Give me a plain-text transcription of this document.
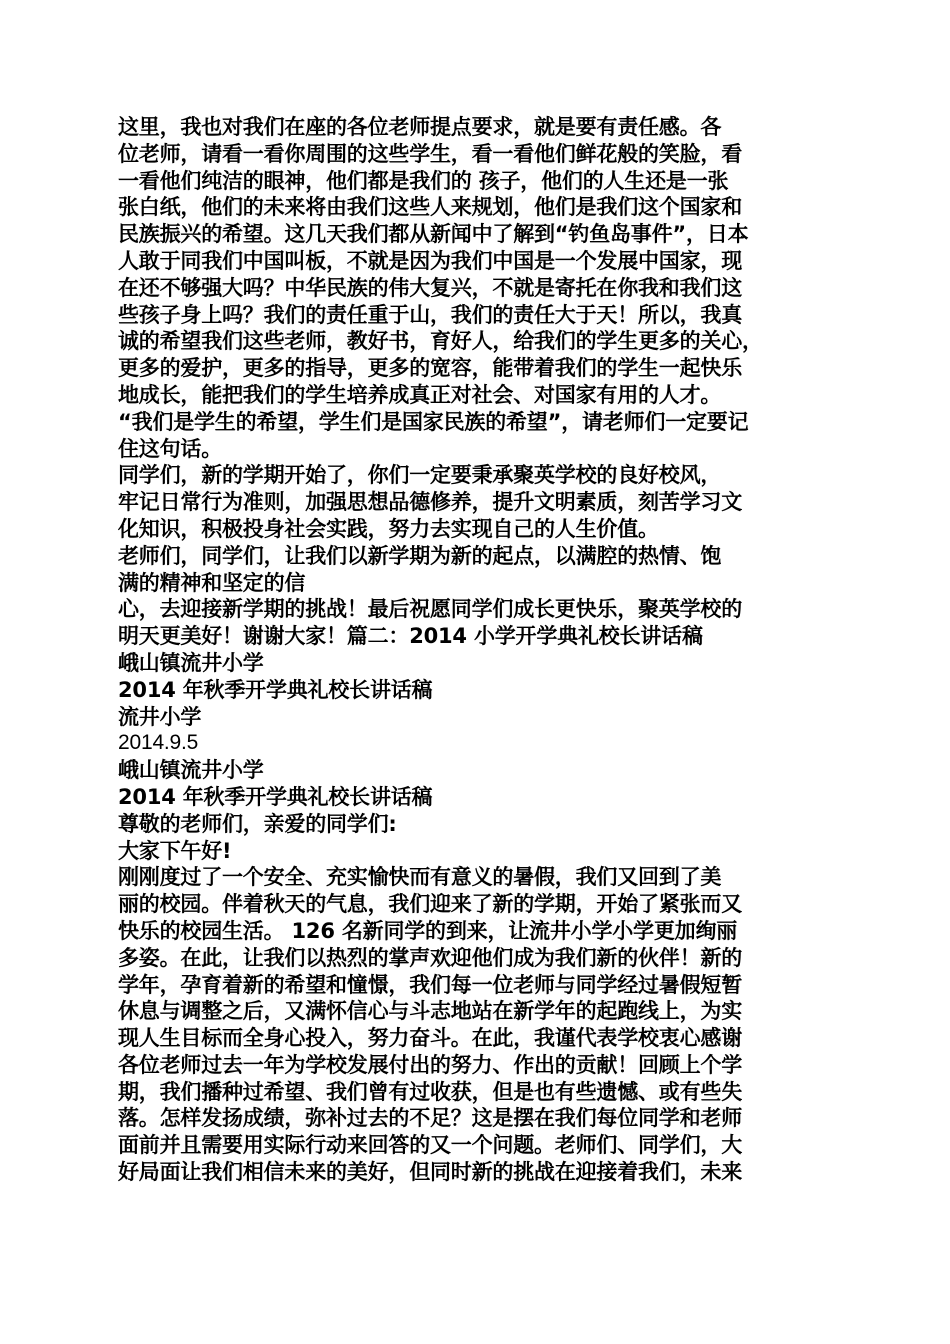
这里，我也对我们在座的各位老师提点要求，就是要有责任感。各
位老师，请看一看你周围的这些学生，看一看他们鲜花般的笑脸，看
一看他们纯洁的眼神，他们都是我们的 孩子，他们的人生还是一张
张白纸，他们的未来将由我们这些人来规划，他们是我们这个国家和
民族振兴的希望。这几天我们都从新闻中了解到“钓鱼岛事件”，日本
人敢于同我们中国叫板，不就是因为我们中国是一个发展中国家，现
在还不够强大吗？中华民族的伟大复兴，不就是寄托在你我和我们这
些孩子身上吗？我们的责任重于山，我们的责任大于天！所以，我真
诚的希望我们这些老师，教好书，育好人，给我们的学生更多的关心，
更多的爱护，更多的指导，更多的宽容，能带着我们的学生一起快乐
地成长，能把我们的学生培养成真正对社会、对国家有用的人才。
“我们是学生的希望，学生们是国家民族的希望”，请老师们一定要记
住这句话。
同学们，新的学期开始了，你们一定要秉承聚英学校的良好校风，
牢记日常行为准则，加强思想品德修养，提升文明素质，刻苦学习文
化知识，积极投身社会实践，努力去实现自己的人生价值。
老师们，同学们，让我们以新学期为新的起点，以满腔的热情、饱
满的精神和坚定的信
心，去迎接新学期的挑战！最后祝愿同学们成长更快乐，聚英学校的
明天更美好！谢谢大家！篇二：2014 小学开学典礼校长讲话稿
峨山镇流井小学
2014 年秋季开学典礼校长讲话稿
流井小学
2014.9.5
峨山镇流井小学
2014 年秋季开学典礼校长讲话稿
尊敬的老师们，亲爱的同学们:
大家下午好!
刚刚度过了一个安全、充实愉快而有意义的暑假，我们又回到了美
丽的校园。伴着秋天的气息，我们迎来了新的学期，开始了紧张而又
快乐的校园生活。 126 名新同学的到来，让流井小学小学更加绚丽
多姿。在此，让我们以热烈的掌声欢迎他们成为我们新的伙伴！新的
学年，孕育着新的希望和憧憬，我们每一位老师与同学经过暑假短暂
休息与调整之后，又满怀信心与斗志地站在新学年的起跑线上，为实
现人生目标而全身心投入，努力奋斗。在此，我谨代表学校衷心感谢
各位老师过去一年为学校发展付出的努力、作出的贡献！回顾上个学
期，我们播种过希望、我们曾有过收获，但是也有些遗憾、或有些失
落。怎样发扬成绩，弥补过去的不足？这是摆在我们每位同学和老师
面前并且需要用实际行动来回答的又一个问题。老师们、同学们，大
好局面让我们相信未来的美好，但同时新的挑战在迎接着我们，未来
